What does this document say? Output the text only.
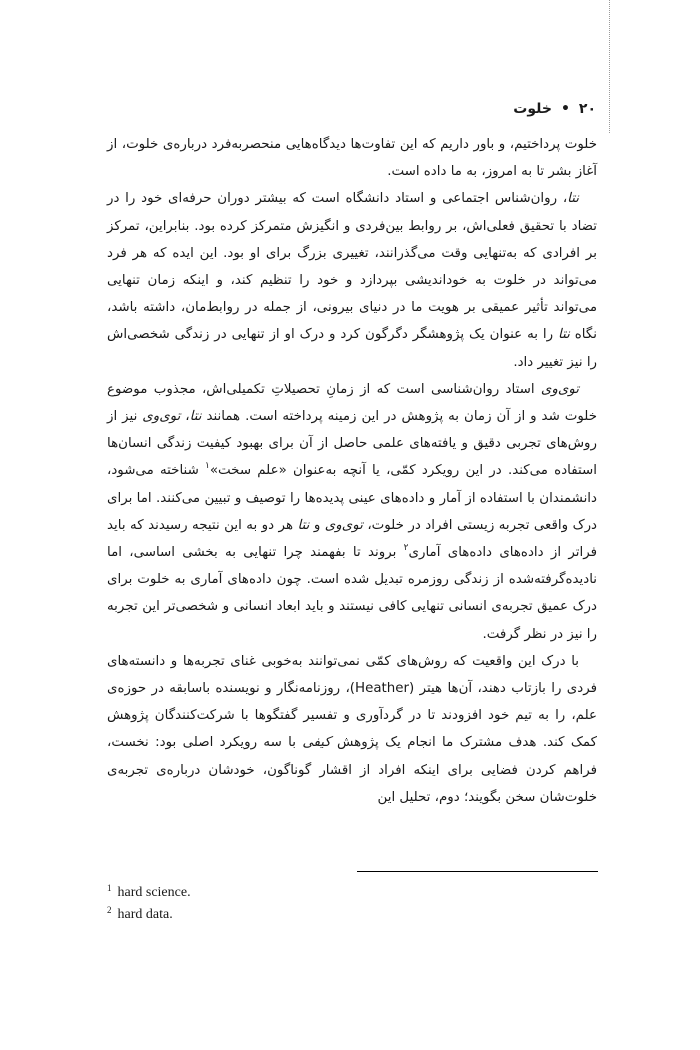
۲۰•خلوت

خلوت پرداختیم، و باور داریم که این تفاوت‌ها دیدگاه‌هایی منحصربه‌فرد درباره‌ی خلوت، از آغاز بشر تا به امروز، به ما داده است.

نتا، روان‌شناس اجتماعی و استاد دانشگاه است که بیشتر دوران حرفه‌ای خود را در تضاد با تحقیق فعلی‌اش، بر روابط بین‌فردی و انگیزش متمرکز کرده بود. بنابراین، تمرکز بر افرادی که به‌تنهایی وقت می‌گذرانند، تغییری بزرگ برای او بود. این ایده که هر فرد می‌تواند در خلوت به خوداندیشی بپردازد و خود را تنظیم کند، و اینکه زمان تنهایی می‌تواند تأثیر عمیقی بر هویت ما در دنیای بیرونی، از جمله در روابط‌مان، داشته باشد، نگاه نتا را به عنوان یک پژوهشگر دگرگون کرد و درک او از تنهایی در زندگی شخصی‌اش را نیز تغییر داد.

توی‌وی استاد روان‌شناسی است که از زمانِ تحصیلاتِ تکمیلی‌اش، مجذوب موضوع خلوت شد و از آن زمان به پژوهش در این زمینه پرداخته است. همانند نتا، توی‌وی نیز از روش‌های تجربی دقیق و یافته‌های علمی حاصل از آن برای بهبود کیفیت زندگی انسان‌ها استفاده می‌کند. در این رویکرد کمّی، یا آنچه به‌عنوان «علم سخت»$^۱$ شناخته می‌شود، دانشمندان با استفاده از آمار و داده‌های عینی پدیده‌ها را توصیف و تبیین می‌کنند. اما برای درک واقعی تجربه زیستی افراد در خلوت، توی‌وی و نتا هر دو به این نتیجه رسیدند که باید فراتر از داده‌های داده‌های آماری$^۲$ بروند تا بفهمند چرا تنهایی به بخشی اساسی، اما نادیده‌گرفته‌شده از زندگی روزمره تبدیل شده است. چون داده‌های آماری به خلوت برای درک عمیق تجربه‌ی انسانی تنهایی کافی نیستند و باید ابعاد انسانی و شخصی‌تر این تجربه را نیز در نظر گرفت.

با درک این واقعیت که روش‌های کمّی نمی‌توانند به‌خوبی غنای تجربه‌ها و دانسته‌های فردی را بازتاب دهند، آن‌ها هیتر (Heather)، روزنامه‌نگار و نویسنده باسابقه در حوزه‌ی علم، را به تیم خود افزودند تا در گردآوری و تفسیر گفتگوها با شرکت‌کنندگان پژوهش کمک کند. هدف مشترک ما انجام یک پژوهش کیفی با سه رویکرد اصلی بود: نخست، فراهم کردن فضایی برای اینکه افراد از اقشار گوناگون، خودشان درباره‌ی تجربه‌ی خلوت‌شان سخن بگویند؛ دوم، تحلیل این

$^1$ hard science.
$^2$ hard data.
